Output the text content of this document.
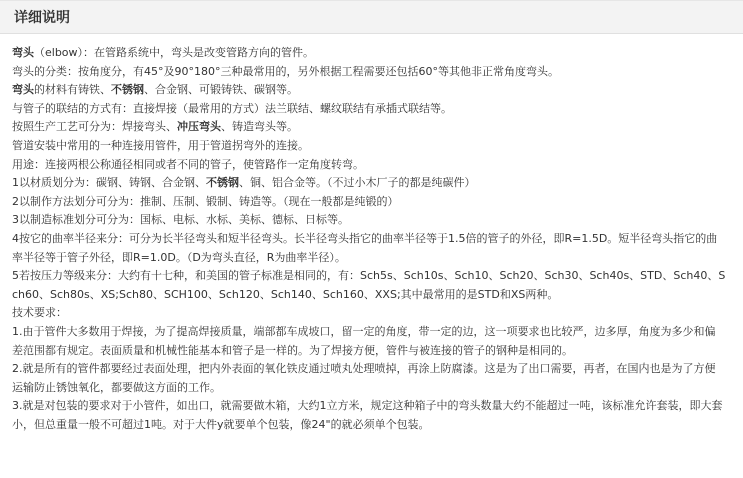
详细说明
弯头（elbow）：在管路系统中，弯头是改变管路方向的管件。
弯头的分类：按角度分，有45°及90°180°三种最常用的，另外根据工程需要还包括60°等其他非正常角度弯头。
弯头的材料有铸铁、不锈钢、合金钢、可锻铸铁、碳钢等。
与管子的联结的方式有：直接焊接（最常用的方式）法兰联结、螺纹联结有承插式联结等。
按照生产工艺可分为：焊接弯头、冲压弯头、铸造弯头等。
管道安装中常用的一种连接用管件，用于管道拐弯外的连接。
用途：连接两根公称通径相同或者不同的管子，使管路作一定角度转弯。
1以材质划分为：碳钢、铸钢、合金钢、不锈钢、铜、铝合金等。（不过小木厂子的都是纯碳件）
2以制作方法划分可分为：推制、压制、锻制、铸造等。（现在一般都是纯锻的）
3以制造标准划分可分为：国标、电标、水标、美标、德标、日标等。
4按它的曲率半径来分：可分为长半径弯头和短半径弯头。长半径弯头指它的曲率半径等于1.5倍的管子的外径，即R=1.5D。短半径弯头指它的曲率半径等于管子外径，即R=1.0D。（D为弯头直径，R为曲率半径）。
5若按压力等级来分：大约有十七种，和美国的管子标准是相同的，有：Sch5s、Sch10s、Sch10、Sch20、Sch30、Sch40s、STD、Sch40、Sch60、Sch80s、XS;Sch80、SCH100、Sch120、Sch140、Sch160、XXS;其中最常用的是STD和XS两种。
技术要求：
1.由于管件大多数用于焊接，为了提高焊接质量，端部都车成坡口，留一定的角度，带一定的边，这一项要求也比较严，边多厚，角度为多少和偏差范围都有规定。表面质量和机械性能基本和管子是一样的。为了焊接方便，管件与被连接的管子的钢种是相同的。
2.就是所有的管件都要经过表面处理，把内外表面的氧化铁皮通过喷丸处理喷掉，再涂上防腐漆。这是为了出口需要，再者，在国内也是为了方便运输防止锈蚀氧化，都要做这方面的工作。
3.就是对包装的要求对于小管件，如出口，就需要做木箱，大约1立方米，规定这种箱子中的弯头数量大约不能超过一吨，该标准允许套装，即大套小，但总重量一般不可超过1吨。对于大件y就要单个包装，像24"的就必须单个包装。
